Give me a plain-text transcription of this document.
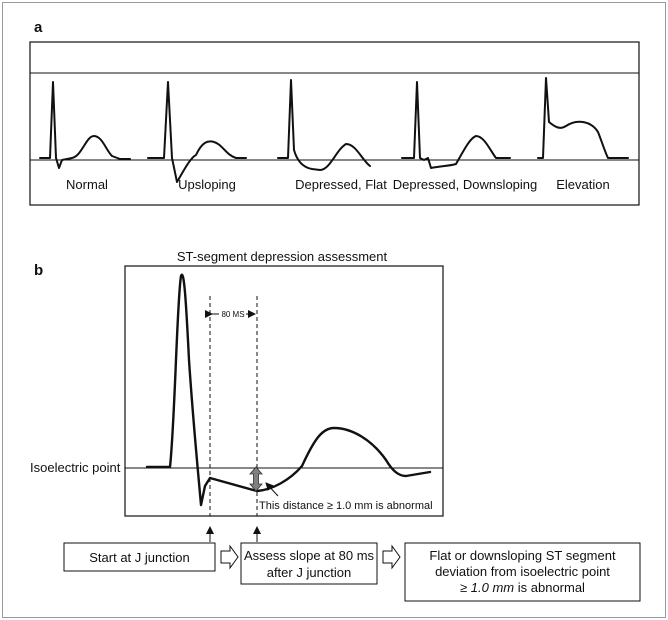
a
Normal	Upsloping	Depressed, Flat Depressed, Downsloping Elevation
b
ST-segment depression assessment
Isoelectric point
80 MS
This distance ≥ 1.0 mm is abnormal
Start at J junction	Assess slope at 80 ms
after J junction
Flat or downsloping ST segment
deviation from isoelectric point
≥ 1.0 mm is abnormal
